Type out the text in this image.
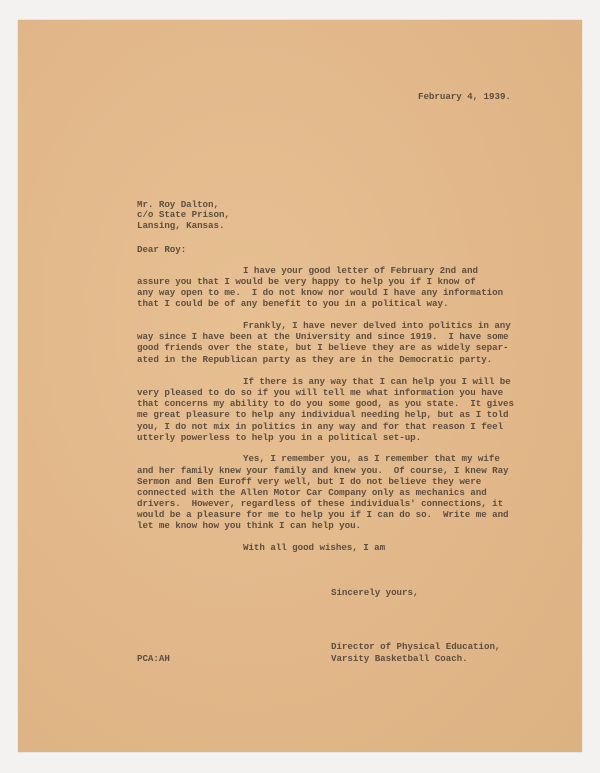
February 4, 1939.
Mr. Roy Dalton,
c/o State Prison,
Lansing, Kansas.
Dear Roy:
I have your good letter of February 2nd and
assure you that I would be very happy to help you if I know of
any way open to me.  I do not know nor would I have any information
that I could be of any benefit to you in a political way.
Frankly, I have never delved into politics in any
way since I have been at the University and since 1919.  I have some
good friends over the state, but I believe they are as widely separ-
ated in the Republican party as they are in the Democratic party.
If there is any way that I can help you I will be
very pleased to do so if you will tell me what information you have
that concerns my ability to do you some good, as you state.  It gives
me great pleasure to help any individual needing help, but as I told
you, I do not mix in politics in any way and for that reason I feel
utterly powerless to help you in a political set-up.
Yes, I remember you, as I remember that my wife
and her family knew your family and knew you.  Of course, I knew Ray
Sermon and Ben Euroff very well, but I do not believe they were
connected with the Allen Motor Car Company only as mechanics and
drivers.  However, regardless of these individuals' connections, it
would be a pleasure for me to help you if I can do so.  Write me and
let me know how you think I can help you.
With all good wishes, I am
Sincerely yours,
Director of Physical Education,
Varsity Basketball Coach.
PCA:AH
